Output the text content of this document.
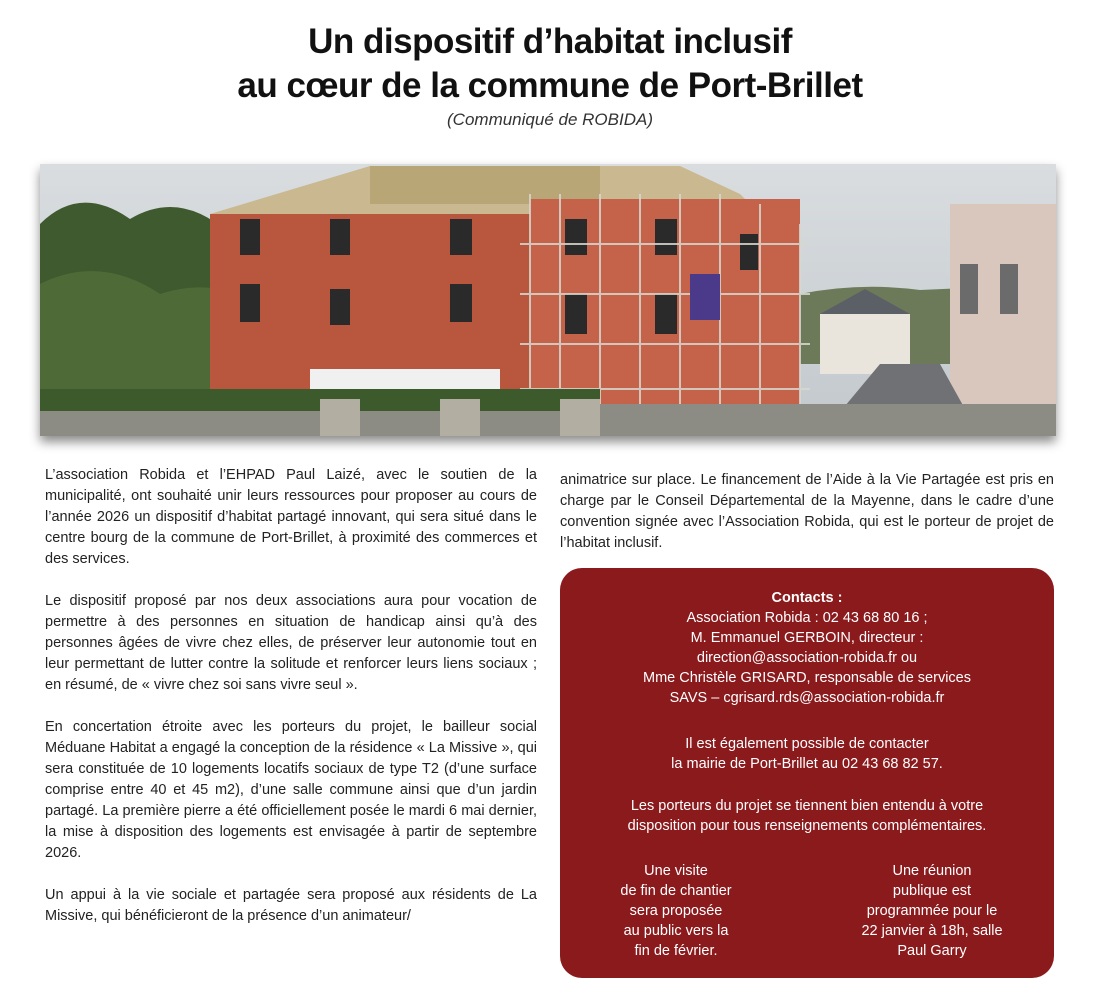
Un dispositif d’habitat inclusif
au cœur de la commune de Port-Brillet

(Communiqué de ROBIDA)

L’association Robida et l’EHPAD Paul Laizé, avec le soutien de la municipalité, ont souhaité unir leurs ressources pour proposer au cours de l’année 2026 un dispositif d’habitat partagé innovant, qui sera situé dans le centre bourg de la commune de Port-Brillet, à proximité des commerces et des services.

Le dispositif proposé par nos deux associations aura pour vocation de permettre à des personnes en situation de handicap ainsi qu’à des personnes âgées de vivre chez elles, de préserver leur autonomie tout en leur permettant de lutter contre la solitude et renforcer leurs liens sociaux ; en résumé, de « vivre chez soi sans vivre seul ».

En concertation étroite avec les porteurs du projet, le bailleur social Méduane Habitat a engagé la conception de la résidence « La Missive », qui sera constituée de 10 logements locatifs sociaux de type T2 (d’une surface comprise entre 40 et 45 m2), d’une salle commune ainsi que d’un jardin partagé. La première pierre a été officiellement posée le mardi 6 mai dernier, la mise à disposition des logements est envisagée à partir de septembre 2026.

Un appui à la vie sociale et partagée sera proposé aux résidents de La Missive, qui bénéficieront de la présence d’un animateur/

animatrice sur place. Le financement de l’Aide à la Vie Partagée est pris en charge par le Conseil Départemental de la Mayenne, dans le cadre d’une convention signée avec l’Association Robida, qui est le porteur de projet de l’habitat inclusif.

Contacts :
Association Robida : 02 43 68 80 16 ;
M. Emmanuel GERBOIN, directeur :
direction@association-robida.fr ou
Mme Christèle GRISARD, responsable de services
SAVS – cgrisard.rds@association-robida.fr
Il est également possible de contacter
la mairie de Port-Brillet au 02 43 68 82 57.
Les porteurs du projet se tiennent bien entendu à votre
disposition pour tous renseignements complémentaires.
Une visite
de fin de chantier
sera proposée
au public vers la
fin de février.
Une réunion
publique est
programmée pour le
22 janvier à 18h, salle
Paul Garry
